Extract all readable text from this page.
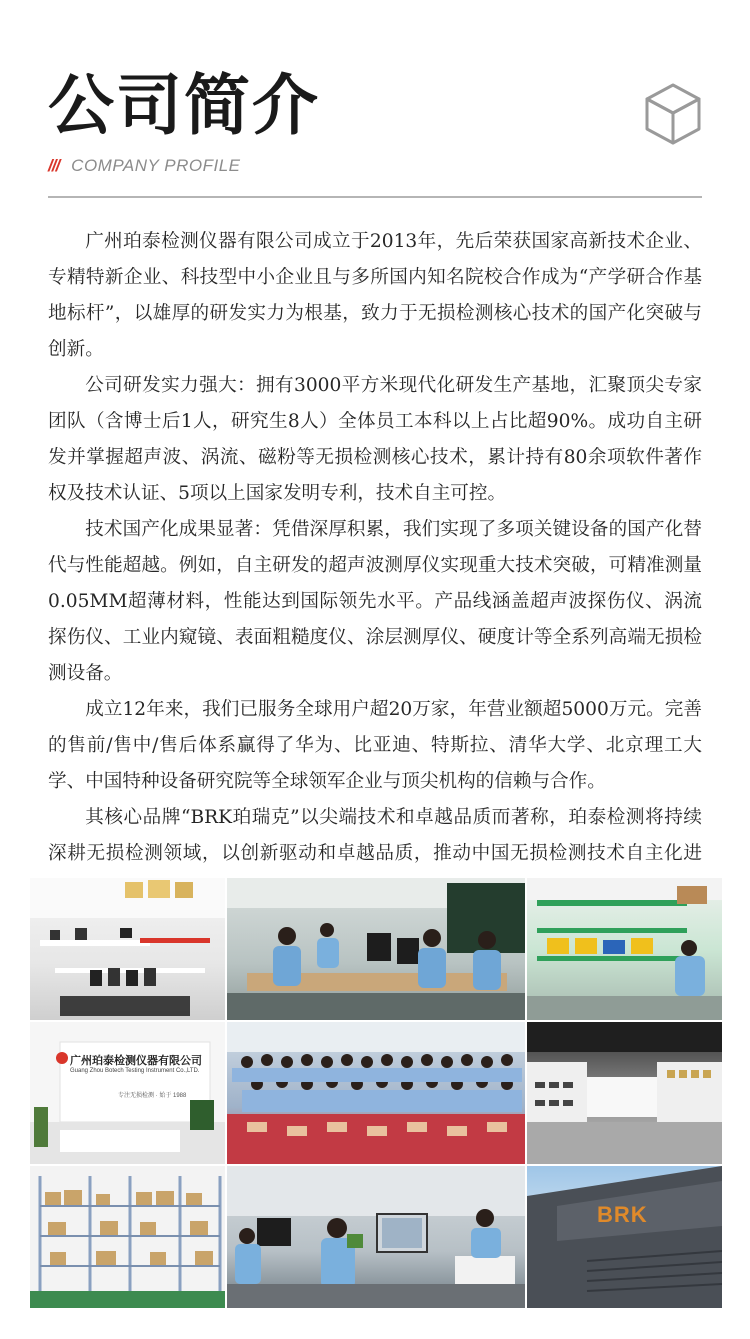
公司简介
/// COMPANY PROFILE

广州珀泰检测仪器有限公司成立于2013年，先后荣获国家高新技术企业、专精特新企业、科技型中小企业且与多所国内知名院校合作成为“产学研合作基地标杆”，以雄厚的研发实力为根基，致力于无损检测核心技术的国产化突破与创新。

公司研发实力强大：拥有3000平方米现代化研发生产基地，汇聚顶尖专家团队（含博士后1人，研究生8人）全体员工本科以上占比超90%。成功自主研发并掌握超声波、涡流、磁粉等无损检测核心技术，累计持有80余项软件著作权及技术认证、5项以上国家发明专利，技术自主可控。

技术国产化成果显著：凭借深厚积累，我们实现了多项关键设备的国产化替代与性能超越。例如，自主研发的超声波测厚仪实现重大技术突破，可精准测量0.05MM超薄材料，性能达到国际领先水平。产品线涵盖超声波探伤仪、涡流探伤仪、工业内窥镜、表面粗糙度仪、涂层测厚仪、硬度计等全系列高端无损检测设备。

成立12年来，我们已服务全球用户超20万家，年营业额超5000万元。完善的售前/售中/售后体系赢得了华为、比亚迪、特斯拉、清华大学、北京理工大学、中国特种设备研究院等全球领军企业与顶尖机构的信赖与合作。

其核心品牌“BRK珀瑞克”以尖端技术和卓越品质而著称，珀泰检测将持续深耕无损检测领域，以创新驱动和卓越品质，推动中国无损检测技术自主化进

广州珀泰检测仪器有限公司
Guang Zhou Botech Testing Instrument Co.,LTD.
专注无损检测 · 始于 1988
BRK
